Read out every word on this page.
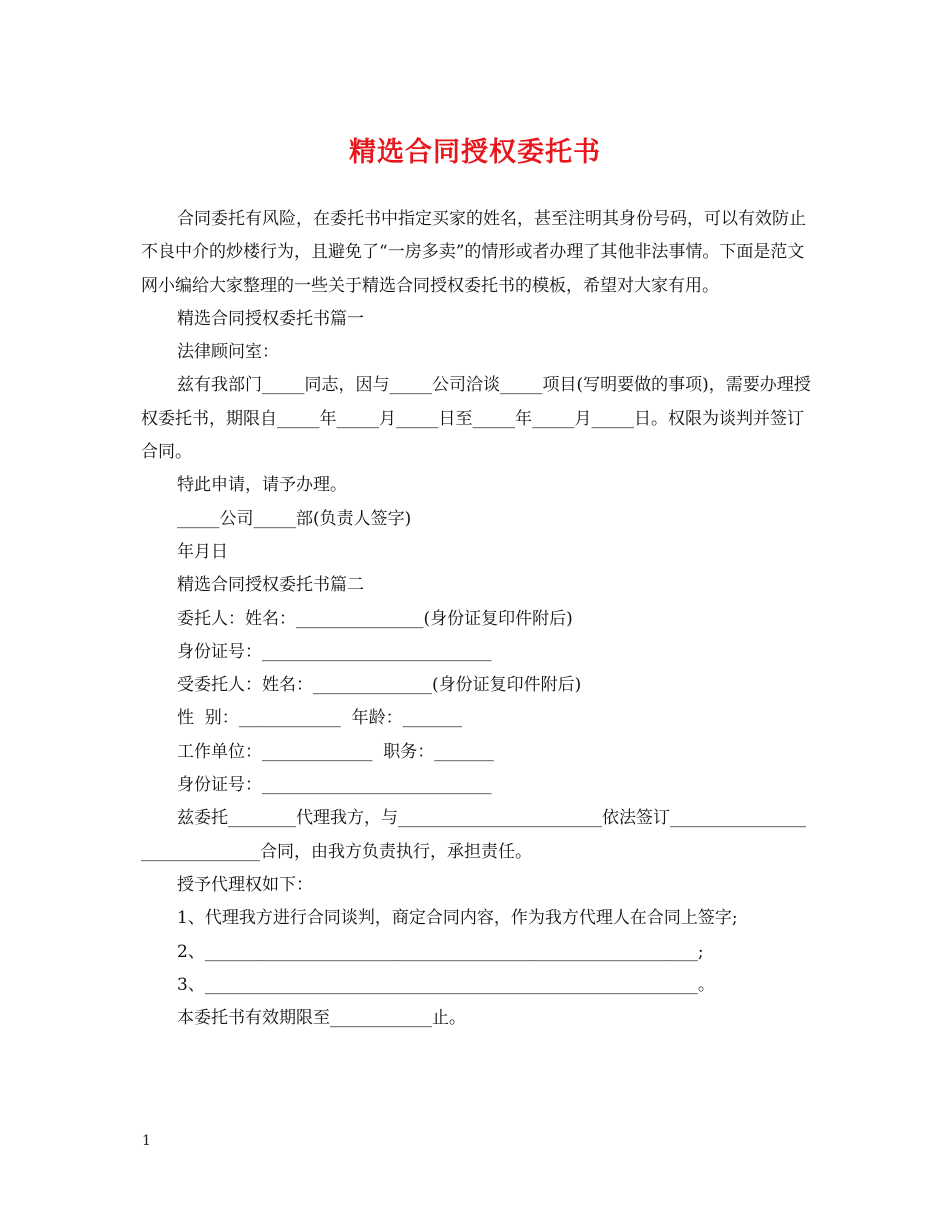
精选合同授权委托书

合同委托有风险，在委托书中指定买家的姓名，甚至注明其身份号码，可以有效防止不良中介的炒楼行为，且避免了“一房多卖”的情形或者办理了其他非法事情。下面是范文网小编给大家整理的一些关于精选合同授权委托书的模板，希望对大家有用。

精选合同授权委托书篇一

法律顾问室：

兹有我部门_____同志，因与_____公司洽谈_____项目(写明要做的事项)，需要办理授权委托书，期限自_____年_____月_____日至_____年_____月_____日。权限为谈判并签订合同。

特此申请，请予办理。

_____公司_____部(负责人签字)

年月日

精选合同授权委托书篇二

委托人：姓名：_______________(身份证复印件附后)

身份证号：___________________________

受委托人：姓名：______________(身份证复印件附后)

性  别：____________  年龄：_______

工作单位：_____________  职务：_______

身份证号：___________________________

兹委托________代理我方，与________________________依法签订______________________________合同，由我方负责执行，承担责任。

授予代理权如下：

1、代理我方进行合同谈判，商定合同内容，作为我方代理人在合同上签字;

2、__________________________________________________________;

3、__________________________________________________________。

本委托书有效期限至____________止。

1
